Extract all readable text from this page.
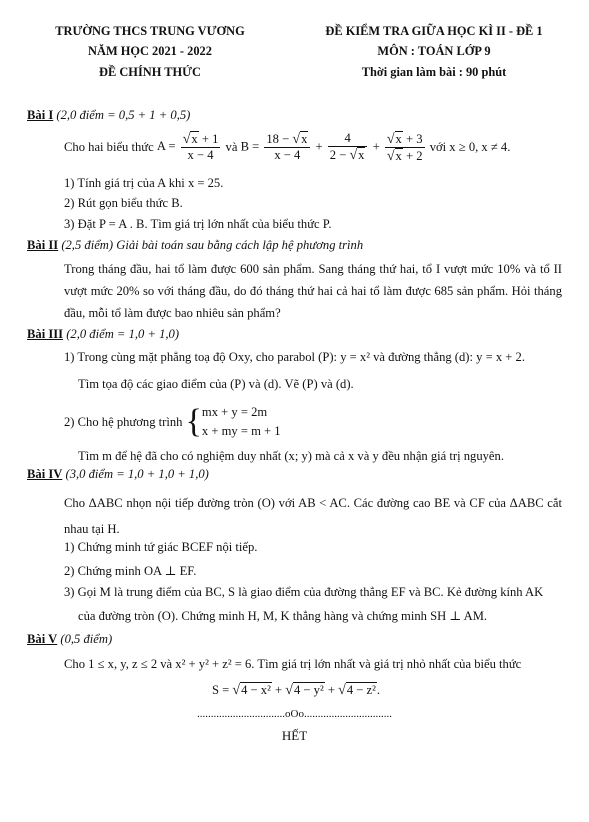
TRƯỜNG THCS TRUNG VƯƠNG
NĂM HỌC 2021 - 2022
ĐỀ CHÍNH THỨC
ĐỀ KIỂM TRA GIỮA HỌC KÌ II - ĐỀ 1
MÔN : TOÁN LỚP 9
Thời gian làm bài : 90 phút
Bài I (2,0 điểm = 0,5 + 1 + 0,5)
Cho hai biểu thức
$A = \frac{√x + 1}{x - 4}$ và $B = \frac{18 - √x}{x - 4} + \frac{4}{2 - √x} + \frac{√x + 3}{√x + 2}$
với x ≥ 0, x ≠ 4.
1) Tính giá trị của A khi x = 25.
2) Rút gọn biểu thức B.
3) Đặt P = A . B. Tìm giá trị lớn nhất của biểu thức P.
Bài II (2,5 điểm) Giải bài toán sau bằng cách lập hệ phương trình
Trong tháng đầu, hai tổ làm được 600 sản phẩm. Sang tháng thứ hai, tổ I vượt mức 10% và tổ II vượt mức 20% so với tháng đầu, do đó tháng thứ hai cả hai tổ làm được 685 sản phẩm. Hỏi tháng đầu, mỗi tổ làm được bao nhiêu sản phẩm?
Bài III (2,0 điểm = 1,0 + 1,0)
1) Trong cùng mặt phẳng toạ độ Oxy, cho parabol (P): y = x² và đường thẳng (d): y = x + 2.
Tìm tọa độ các giao điểm của (P) và (d). Vẽ (P) và (d).
2) Cho hệ phương trình
{ mx + y = 2m
x + my = m + 1
Tìm m để hệ đã cho có nghiệm duy nhất (x; y) mà cả x và y đều nhận giá trị nguyên.
Bài IV (3,0 điểm = 1,0 + 1,0 + 1,0)
Cho ΔABC nhọn nội tiếp đường tròn (O) với AB < AC. Các đường cao BE và CF của ΔABC cắt nhau tại H.
1) Chứng minh tứ giác BCEF nội tiếp.
2) Chứng minh OA ⊥ EF.
3) Gọi M là trung điểm của BC, S là giao điểm của đường thẳng EF và BC. Kẻ đường kính AK
của đường tròn (O). Chứng minh H, M, K thẳng hàng và chứng minh SH ⊥ AM.
Bài V (0,5 điểm)
Cho 1 ≤ x, y, z ≤ 2 và x² + y² + z² = 6. Tìm giá trị lớn nhất và giá trị nhỏ nhất của biểu thức
S = √4 − x² + √4 − y² + √4 − z².
................................oOo................................
HẾT
